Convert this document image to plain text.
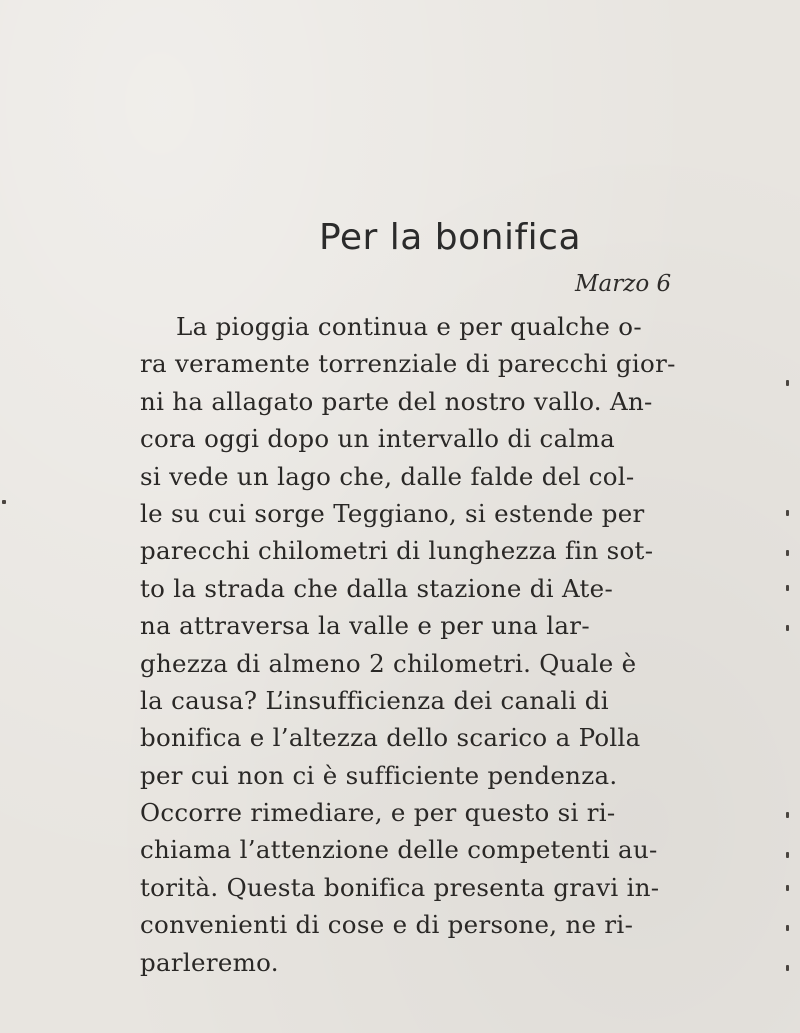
Per la bonifica

Marzo 6

La pioggia continua e per qualche o-
ra veramente torrenziale di parecchi gior-
ni ha allagato parte del nostro vallo. An-
cora oggi dopo un intervallo di calma
si vede un lago che, dalle falde del col-
le su cui sorge Teggiano, si estende per
parecchi chilometri di lunghezza fin sot-
to la strada che dalla stazione di Ate-
na attraversa la valle e per una lar-
ghezza di almeno 2 chilometri. Quale è
la causa? L’insufficienza dei canali di
bonifica e l’altezza dello scarico a Polla
per cui non ci è sufficiente pendenza.
Occorre rimediare, e per questo si ri-
chiama l’attenzione delle competenti au-
torità. Questa bonifica presenta gravi in-
convenienti di cose e di persone, ne ri-
parleremo.
